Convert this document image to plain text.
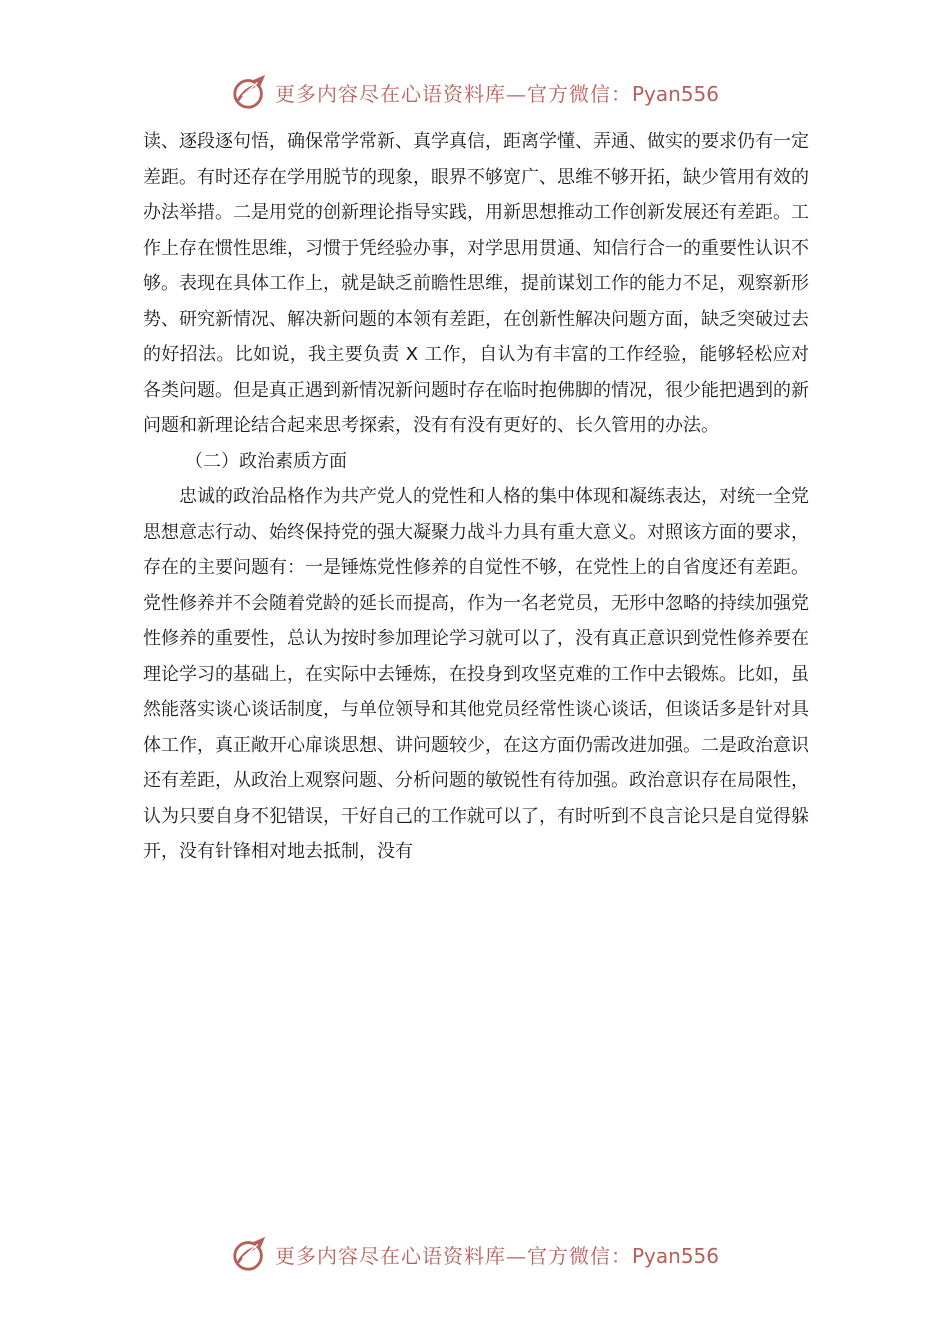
更多内容尽在心语资料库—官方微信：Pyan556

读、逐段逐句悟，确保常学常新、真学真信，距离学懂、弄通、做实的要求仍有一定差距。有时还存在学用脱节的现象，眼界不够宽广、思维不够开拓，缺少管用有效的办法举措。二是用党的创新理论指导实践，用新思想推动工作创新发展还有差距。工作上存在惯性思维，习惯于凭经验办事，对学思用贯通、知信行合一的重要性认识不够。表现在具体工作上，就是缺乏前瞻性思维，提前谋划工作的能力不足，观察新形势、研究新情况、解决新问题的本领有差距，在创新性解决问题方面，缺乏突破过去的好招法。比如说，我主要负责 X 工作，自认为有丰富的工作经验，能够轻松应对各类问题。但是真正遇到新情况新问题时存在临时抱佛脚的情况，很少能把遇到的新问题和新理论结合起来思考探索，没有有没有更好的、长久管用的办法。

（二）政治素质方面

忠诚的政治品格作为共产党人的党性和人格的集中体现和凝练表达，对统一全党思想意志行动、始终保持党的强大凝聚力战斗力具有重大意义。对照该方面的要求，存在的主要问题有：一是锤炼党性修养的自觉性不够，在党性上的自省度还有差距。党性修养并不会随着党龄的延长而提高，作为一名老党员，无形中忽略的持续加强党性修养的重要性，总认为按时参加理论学习就可以了，没有真正意识到党性修养要在理论学习的基础上，在实际中去锤炼，在投身到攻坚克难的工作中去锻炼。比如，虽然能落实谈心谈话制度，与单位领导和其他党员经常性谈心谈话，但谈话多是针对具体工作，真正敞开心扉谈思想、讲问题较少，在这方面仍需改进加强。二是政治意识还有差距，从政治上观察问题、分析问题的敏锐性有待加强。政治意识存在局限性，认为只要自身不犯错误，干好自己的工作就可以了，有时听到不良言论只是自觉得躲开，没有针锋相对地去抵制，没有

更多内容尽在心语资料库—官方微信：Pyan556
